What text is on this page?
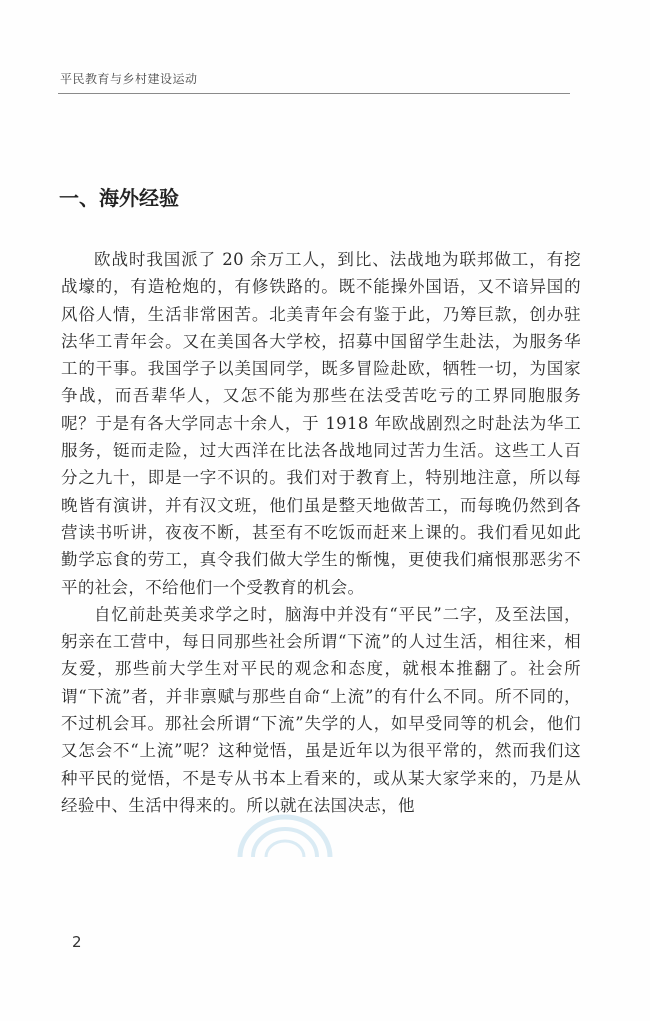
平民教育与乡村建设运动
一、海外经验

欧战时我国派了 20 余万工人，到比、法战地为联邦做工，有挖战壕的，有造枪炮的，有修铁路的。既不能操外国语，又不谙异国的风俗人情，生活非常困苦。北美青年会有鉴于此，乃筹巨款，创办驻法华工青年会。又在美国各大学校，招募中国留学生赴法，为服务华工的干事。我国学子以美国同学，既多冒险赴欧，牺牲一切，为国家争战，而吾辈华人，又怎不能为那些在法受苦吃亏的工界同胞服务呢？于是有各大学同志十余人，于 1918 年欧战剧烈之时赴法为华工服务，铤而走险，过大西洋在比法各战地同过苦力生活。这些工人百分之九十，即是一字不识的。我们对于教育上，特别地注意，所以每晚皆有演讲，并有汉文班，他们虽是整天地做苦工，而每晚仍然到各营读书听讲，夜夜不断，甚至有不吃饭而赶来上课的。我们看见如此勤学忘食的劳工，真令我们做大学生的惭愧，更使我们痛恨那恶劣不平的社会，不给他们一个受教育的机会。

自忆前赴英美求学之时，脑海中并没有“平民”二字，及至法国，躬亲在工营中，每日同那些社会所谓“下流”的人过生活，相往来，相友爱，那些前大学生对平民的观念和态度，就根本推翻了。社会所谓“下流”者，并非禀赋与那些自命“上流”的有什么不同。所不同的，不过机会耳。那社会所谓“下流”失学的人，如早受同等的机会，他们又怎会不“上流”呢？这种觉悟，虽是近年以为很平常的，然而我们这种平民的觉悟，不是专从书本上看来的，或从某大家学来的，乃是从经验中、生活中得来的。所以就在法国决志，他

2
